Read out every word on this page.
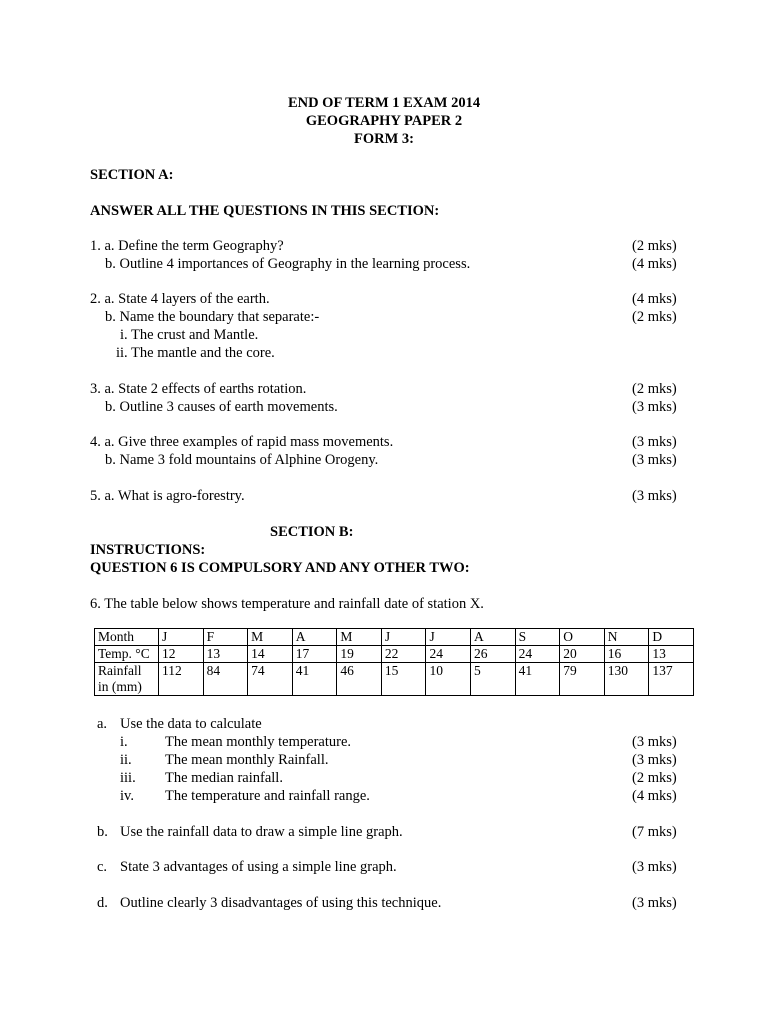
END OF TERM 1 EXAM 2014
GEOGRAPHY PAPER 2
FORM 3:
SECTION A:
ANSWER ALL THE QUESTIONS IN THIS SECTION:
1. a. Define the term Geography?	(2 mks)
b. Outline 4 importances of Geography in the learning process.	(4 mks)
2. a. State 4 layers of the earth.	(4 mks)
b. Name the boundary that separate:-	(2 mks)
i. The crust and Mantle.
ii. The mantle and the core.
3. a. State 2 effects of earths rotation.	(2 mks)
b. Outline 3 causes of earth movements.	(3 mks)
4. a. Give three examples of rapid mass movements.	(3 mks)
b. Name 3 fold mountains of Alphine Orogeny.	(3 mks)
5. a. What is agro-forestry.	(3 mks)
SECTION B:
INSTRUCTIONS:
QUESTION 6 IS COMPULSORY AND ANY OTHER TWO:
6. The table below shows temperature and rainfall date of station X.
Month	J	F	M	A	M	J	J	A	S	O	N	D
Temp. °C	12	13	14	17	19	22	24	26	24	20	16	13
Rainfall
in (mm)	112	84	74	41	46	15	10	5	41	79	130	137
a. Use the data to calculate
i.	The mean monthly temperature.	(3 mks)
ii. The mean monthly Rainfall.	(3 mks)
iii. The median rainfall.	(2 mks)
iv. The temperature and rainfall range.	(4 mks)
b. Use the rainfall data to draw a simple line graph.	(7 mks)
c. State 3 advantages of using a simple line graph.	(3 mks)
d. Outline clearly 3 disadvantages of using this technique.	(3 mks)
